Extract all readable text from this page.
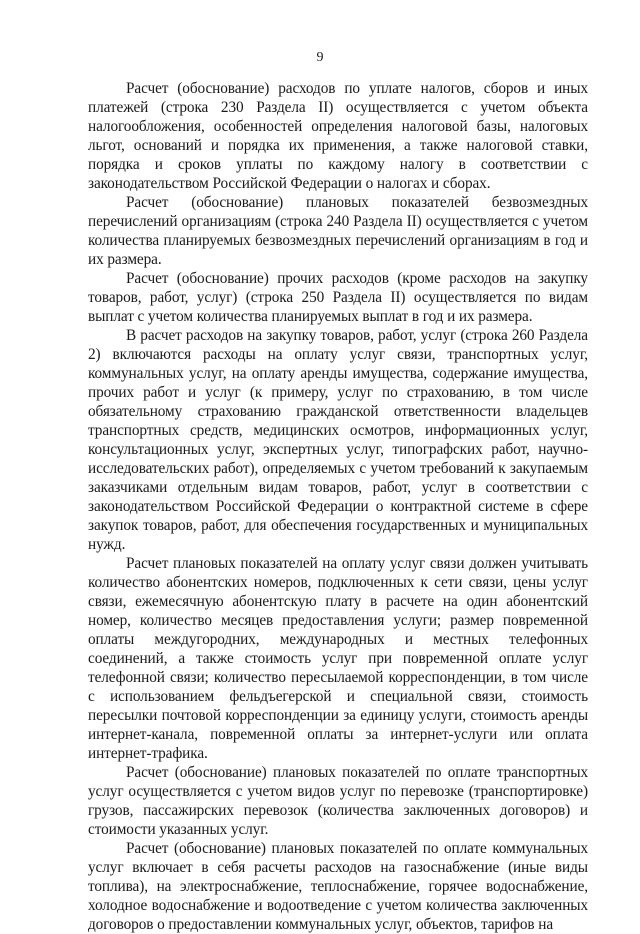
9

Расчет (обоснование) расходов по уплате налогов, сборов и иных платежей (строка 230 Раздела II) осуществляется с учетом объекта налогообложения, особенностей определения налоговой базы, налоговых льгот, оснований и порядка их применения, а также налоговой ставки, порядка и сроков уплаты по каждому налогу в соответствии с законодательством Российской Федерации о налогах и сборах.

Расчет (обоснование) плановых показателей безвозмездных перечислений организациям (строка 240 Раздела II) осуществляется с учетом количества планируемых безвозмездных перечислений организациям в год и их размера.

Расчет (обоснование) прочих расходов (кроме расходов на закупку товаров, работ, услуг) (строка 250 Раздела II) осуществляется по видам выплат с учетом количества планируемых выплат в год и их размера.

В расчет расходов на закупку товаров, работ, услуг (строка 260 Раздела 2) включаются расходы на оплату услуг связи, транспортных услуг, коммунальных услуг, на оплату аренды имущества, содержание имущества, прочих работ и услуг (к примеру, услуг по страхованию, в том числе обязательному страхованию гражданской ответственности владельцев транспортных средств, медицинских осмотров, информационных услуг, консультационных услуг, экспертных услуг, типографских работ, научно-исследовательских работ), определяемых с учетом требований к закупаемым заказчиками отдельным видам товаров, работ, услуг в соответствии с законодательством Российской Федерации о контрактной системе в сфере закупок товаров, работ, для обеспечения государственных и муниципальных нужд.

Расчет плановых показателей на оплату услуг связи должен учитывать количество абонентских номеров, подключенных к сети связи, цены услуг связи, ежемесячную абонентскую плату в расчете на один абонентский номер, количество месяцев предоставления услуги; размер повременной оплаты междугородних, международных и местных телефонных соединений, а также стоимость услуг при повременной оплате услуг телефонной связи; количество пересылаемой корреспонденции, в том числе с использованием фельдъегерской и специальной связи, стоимость пересылки почтовой корреспонденции за единицу услуги, стоимость аренды интернет-канала, повременной оплаты за интернет-услуги или оплата интернет-трафика.

Расчет (обоснование) плановых показателей по оплате транспортных услуг осуществляется с учетом видов услуг по перевозке (транспортировке) грузов, пассажирских перевозок (количества заключенных договоров) и стоимости указанных услуг.

Расчет (обоснование) плановых показателей по оплате коммунальных услуг включает в себя расчеты расходов на газоснабжение (иные виды топлива), на электроснабжение, теплоснабжение, горячее водоснабжение, холодное водоснабжение и водоотведение с учетом количества заключенных договоров о предоставлении коммунальных услуг, объектов, тарифов на
